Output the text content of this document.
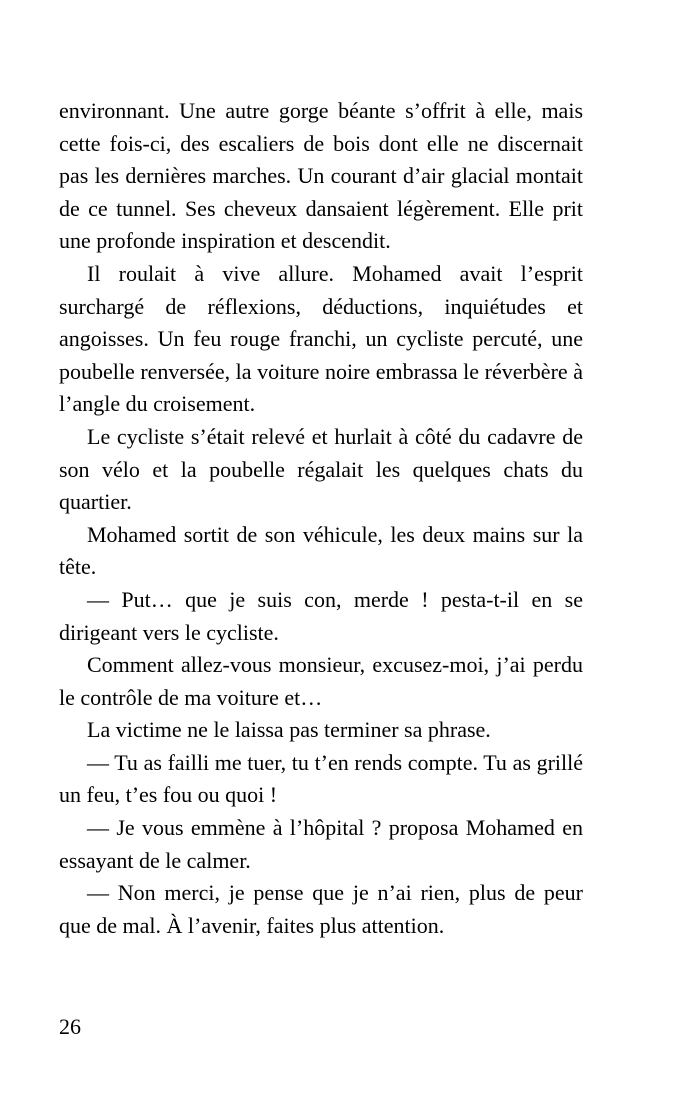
environnant. Une autre gorge béante s’offrit à elle, mais cette fois-ci, des escaliers de bois dont elle ne discernait pas les dernières marches. Un courant d’air glacial montait de ce tunnel. Ses cheveux dansaient légèrement. Elle prit une profonde inspiration et descendit.

Il roulait à vive allure. Mohamed avait l’esprit surchargé de réflexions, déductions, inquiétudes et angoisses. Un feu rouge franchi, un cycliste percuté, une poubelle renversée, la voiture noire embrassa le réverbère à l’angle du croisement.

Le cycliste s’était relevé et hurlait à côté du cadavre de son vélo et la poubelle régalait les quelques chats du quartier.

Mohamed sortit de son véhicule, les deux mains sur la tête.

— Put… que je suis con, merde ! pesta-t-il en se dirigeant vers le cycliste.

Comment allez-vous monsieur, excusez-moi, j’ai perdu le contrôle de ma voiture et…

La victime ne le laissa pas terminer sa phrase.

— Tu as failli me tuer, tu t’en rends compte. Tu as grillé un feu, t’es fou ou quoi !

— Je vous emmène à l’hôpital ? proposa Mohamed en essayant de le calmer.

— Non merci, je pense que je n’ai rien, plus de peur que de mal. À l’avenir, faites plus attention.

26
